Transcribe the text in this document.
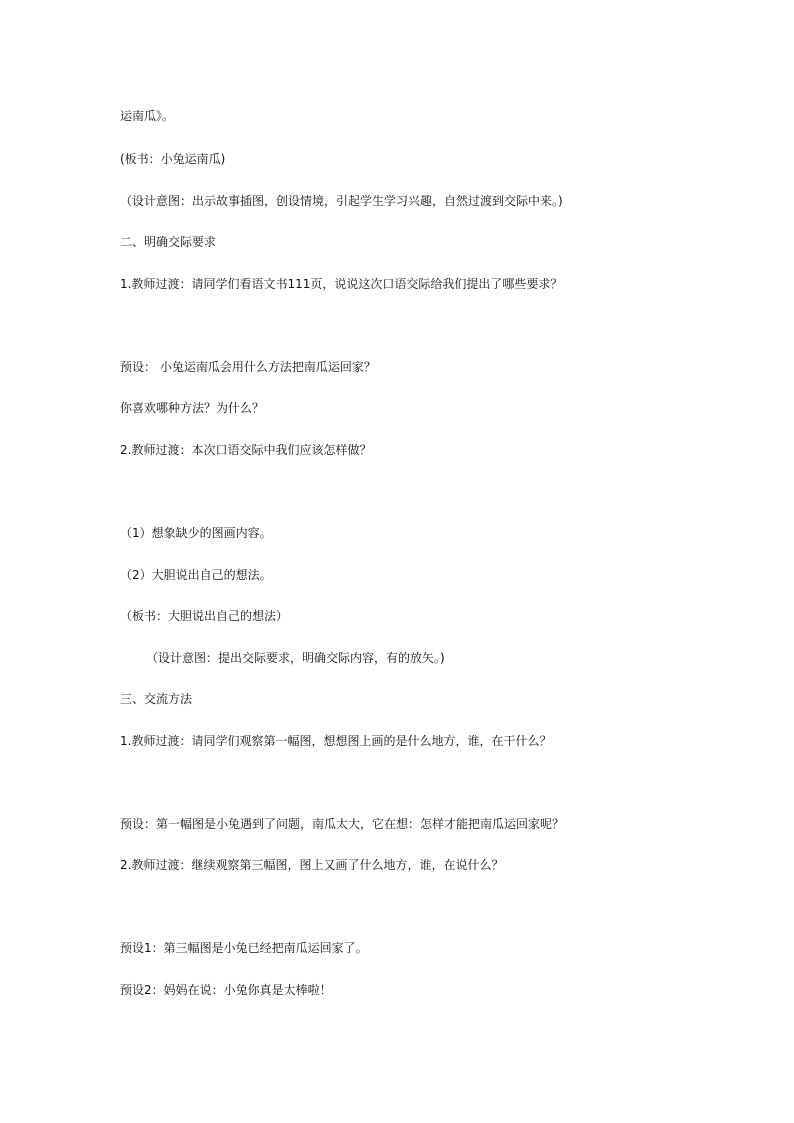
运南瓜》。
(板书：小兔运南瓜)
（设计意图：出示故事插图，创设情境，引起学生学习兴趣，自然过渡到交际中来。)
二、明确交际要求
1.教师过渡：请同学们看语文书111页，说说这次口语交际给我们提出了哪些要求？
预设： 小兔运南瓜会用什么方法把南瓜运回家？
你喜欢哪种方法？为什么？
2.教师过渡：本次口语交际中我们应该怎样做？
（1）想象缺少的图画内容。
（2）大胆说出自己的想法。
（板书：大胆说出自己的想法）
（设计意图：提出交际要求，明确交际内容，有的放矢。)
三、交流方法
1.教师过渡：请同学们观察第一幅图，想想图上画的是什么地方，谁，在干什么？
预设：第一幅图是小兔遇到了问题，南瓜太大，它在想：怎样才能把南瓜运回家呢？
2.教师过渡：继续观察第三幅图，图上又画了什么地方，谁，在说什么？
预设1：第三幅图是小兔已经把南瓜运回家了。
预设2：妈妈在说：小兔你真是太棒啦！
